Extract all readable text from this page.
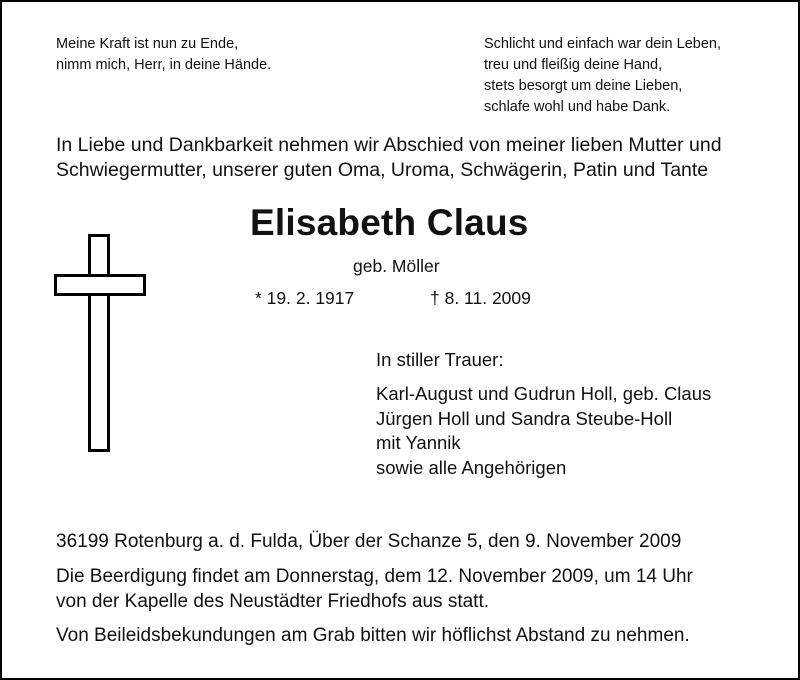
Meine Kraft ist nun zu Ende,
nimm mich, Herr, in deine Hände.
Schlicht und einfach war dein Leben,
treu und fleißig deine Hand,
stets besorgt um deine Lieben,
schlafe wohl und habe Dank.
In Liebe und Dankbarkeit nehmen wir Abschied von meiner lieben Mutter und
Schwiegermutter, unserer guten Oma, Uroma, Schwägerin, Patin und Tante
Elisabeth Claus
geb. Möller
* 19. 2. 1917	† 8. 11. 2009
In stiller Trauer:
Karl-August und Gudrun Holl, geb. Claus
Jürgen Holl und Sandra Steube-Holl
mit Yannik
sowie alle Angehörigen
36199 Rotenburg a. d. Fulda, Über der Schanze 5, den 9. November 2009
Die Beerdigung findet am Donnerstag, dem 12. November 2009, um 14 Uhr
von der Kapelle des Neustädter Friedhofs aus statt.
Von Beileidsbekundungen am Grab bitten wir höflichst Abstand zu nehmen.
